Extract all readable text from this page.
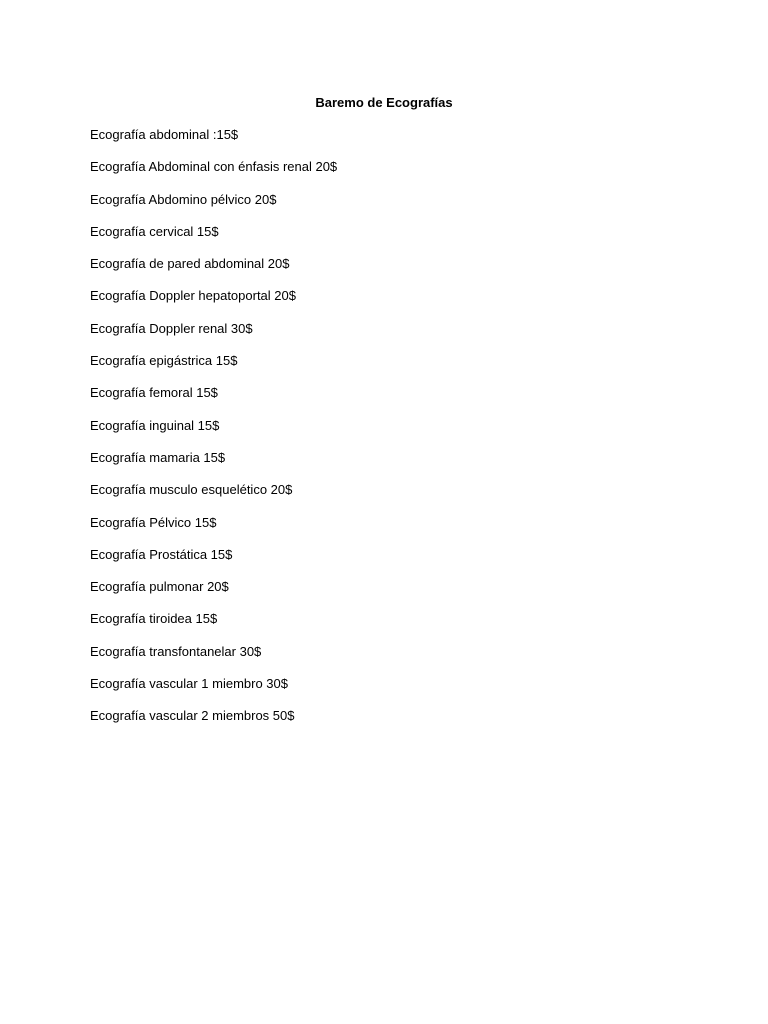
Baremo de Ecografías
Ecografía abdominal :15$
Ecografía Abdominal con énfasis renal 20$
Ecografía Abdomino pélvico 20$
Ecografía cervical 15$
Ecografía de pared abdominal 20$
Ecografía Doppler hepatoportal 20$
Ecografía Doppler renal 30$
Ecografía epigástrica 15$
Ecografía femoral 15$
Ecografía inguinal 15$
Ecografía mamaria 15$
Ecografía musculo esquelético 20$
Ecografía Pélvico 15$
Ecografía Prostática 15$
Ecografía pulmonar 20$
Ecografía tiroidea 15$
Ecografía transfontanelar 30$
Ecografía vascular 1 miembro 30$
Ecografía vascular 2 miembros 50$
